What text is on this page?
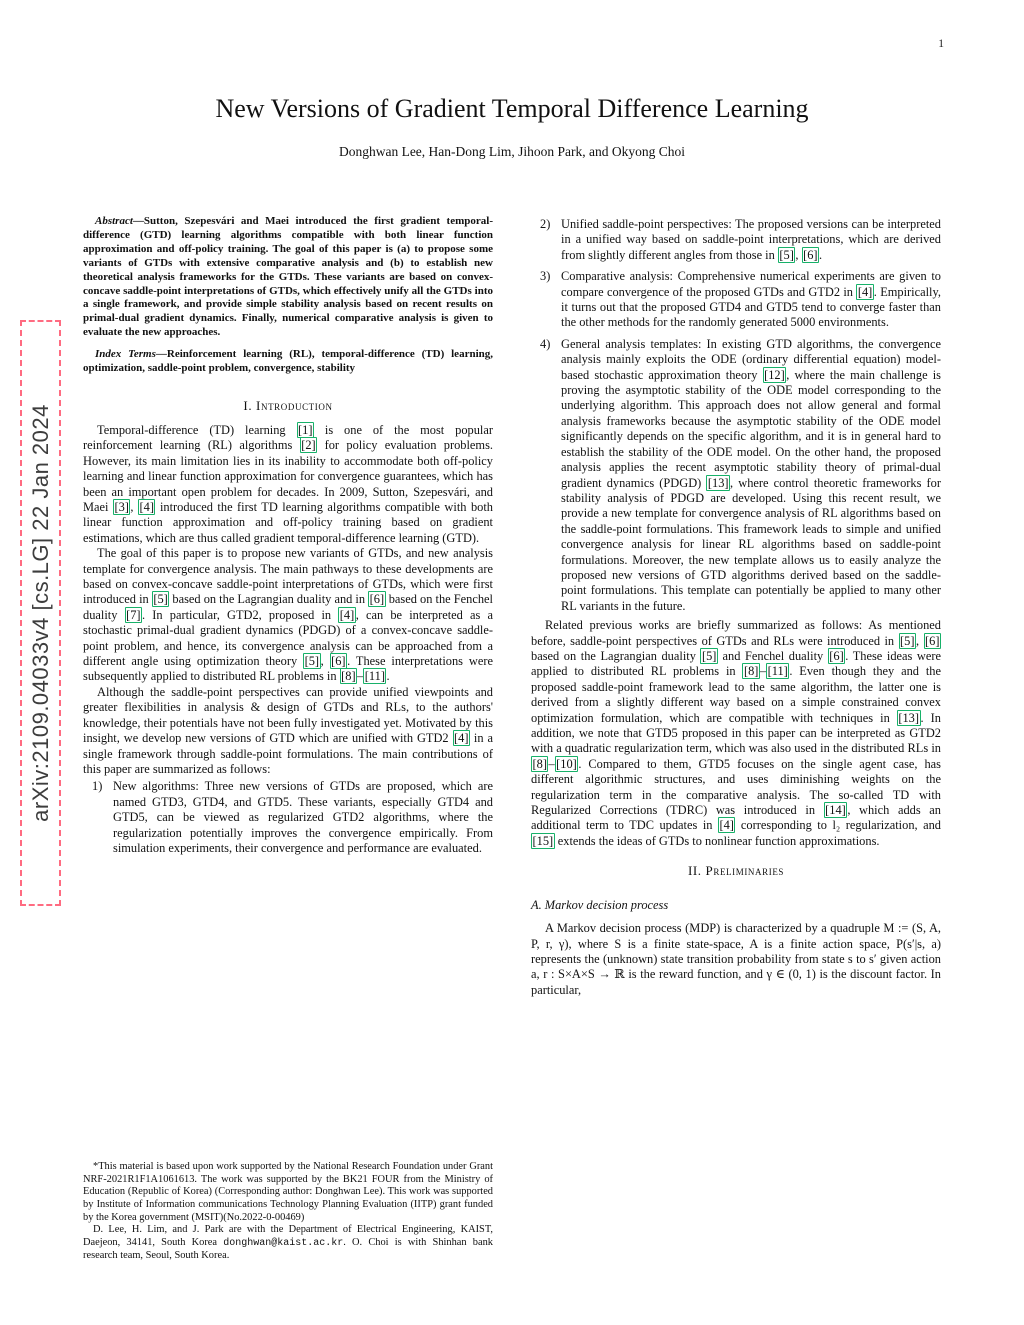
1
arXiv:2109.04033v4 [cs.LG] 22 Jan 2024
New Versions of Gradient Temporal Difference Learning
Donghwan Lee, Han-Dong Lim, Jihoon Park, and Okyong Choi

Abstract—Sutton, Szepesvári and Maei introduced the first gradient temporal-difference (GTD) learning algorithms compatible with both linear function approximation and off-policy training. The goal of this paper is (a) to propose some variants of GTDs with extensive comparative analysis and (b) to establish new theoretical analysis frameworks for the GTDs. These variants are based on convex-concave saddle-point interpretations of GTDs, which effectively unify all the GTDs into a single framework, and provide simple stability analysis based on recent results on primal-dual gradient dynamics. Finally, numerical comparative analysis is given to evaluate the new approaches.

Index Terms—Reinforcement learning (RL), temporal-difference (TD) learning, optimization, saddle-point problem, convergence, stability

I. Introduction

Temporal-difference (TD) learning [1] is one of the most popular reinforcement learning (RL) algorithms [2] for policy evaluation problems. However, its main limitation lies in its inability to accommodate both off-policy learning and linear function approximation for convergence guarantees, which has been an important open problem for decades. In 2009, Sutton, Szepesvári, and Maei [3] , [4] introduced the first TD learning algorithms compatible with both linear function approximation and off-policy training based on gradient estimations, which are thus called gradient temporal-difference learning (GTD).

The goal of this paper is to propose new variants of GTDs, and new analysis template for convergence analysis. The main pathways to these developments are based on convex-concave saddle-point interpretations of GTDs, which were first introduced in [5] based on the Lagrangian duality and in [6] based on the Fenchel duality [7] . In particular, GTD2, proposed in [4] , can be interpreted as a stochastic primal-dual gradient dynamics (PDGD) of a convex-concave saddle-point problem, and hence, its convergence analysis can be approached from a different angle using optimization theory [5] , [6] . These interpretations were subsequently applied to distributed RL problems in [8] – [11] .

Although the saddle-point perspectives can provide unified viewpoints and greater flexibilities in analysis & design of GTDs and RLs, to the authors' knowledge, their potentials have not been fully investigated yet. Motivated by this insight, we develop new versions of GTD which are unified with GTD2 [4] in a single framework through saddle-point formulations. The main contributions of this paper are summarized as follows:

1) New algorithms: Three new versions of GTDs are proposed, which are named GTD3, GTD4, and GTD5. These variants, especially GTD4 and GTD5, can be viewed as regularized GTD2 algorithms, where the regularization potentially improves the convergence empirically. From simulation experiments, their convergence and performance are evaluated.

*This material is based upon work supported by the National Research Foundation under Grant NRF-2021R1F1A1061613. The work was supported by the BK21 FOUR from the Ministry of Education (Republic of Korea) (Corresponding author: Donghwan Lee). This work was supported by Institute of Information communications Technology Planning Evaluation (IITP) grant funded by the Korea government (MSIT)(No.2022-0-00469)

D. Lee, H. Lim, and J. Park are with the Department of Electrical Engineering, KAIST, Daejeon, 34141, South Korea donghwan@kaist.ac.kr. O. Choi is with Shinhan bank research team, Seoul, South Korea.

2) Unified saddle-point perspectives: The proposed versions can be interpreted in a unified way based on saddle-point interpretations, which are derived from slightly different angles from those in [5] , [6] .
3) Comparative analysis: Comprehensive numerical experiments are given to compare convergence of the proposed GTDs and GTD2 in [4] . Empirically, it turns out that the proposed GTD4 and GTD5 tend to converge faster than the other methods for the randomly generated 5000 environments.
4) General analysis templates: In existing GTD algorithms, the convergence analysis mainly exploits the ODE (ordinary differential equation) model-based stochastic approximation theory [12] , where the main challenge is proving the asymptotic stability of the ODE model corresponding to the underlying algorithm. This approach does not allow general and formal analysis frameworks because the asymptotic stability of the ODE model significantly depends on the specific algorithm, and it is in general hard to establish the stability of the ODE model. On the other hand, the proposed analysis applies the recent asymptotic stability theory of primal-dual gradient dynamics (PDGD) [13] , where control theoretic frameworks for stability analysis of PDGD are developed. Using this recent result, we provide a new template for convergence analysis of RL algorithms based on the saddle-point formulations. This framework leads to simple and unified convergence analysis for linear RL algorithms based on saddle-point formulations. Moreover, the new template allows us to easily analyze the proposed new versions of GTD algorithms derived based on the saddle-point formulations. This template can potentially be applied to many other RL variants in the future.

Related previous works are briefly summarized as follows: As mentioned before, saddle-point perspectives of GTDs and RLs were introduced in [5] , [6] based on the Lagrangian duality [5] and Fenchel duality [6] . These ideas were applied to distributed RL problems in [8] – [11] . Even though they and the proposed saddle-point framework lead to the same algorithm, the latter one is derived from a slightly different way based on a simple constrained convex optimization formulation, which are compatible with techniques in [13] . In addition, we note that GTD5 proposed in this paper can be interpreted as GTD2 with a quadratic regularization term, which was also used in the distributed RLs in [8] – [10] . Compared to them, GTD5 focuses on the single agent case, has different algorithmic structures, and uses diminishing weights on the regularization term in the comparative analysis. The so-called TD with Regularized Corrections (TDRC) was introduced in [14] , which adds an additional term to TDC updates in [4] corresponding to l₂ regularization, and [15] extends the ideas of GTDs to nonlinear function approximations.

II. Preliminaries
A. Markov decision process

A Markov decision process (MDP) is characterized by a quadruple M := (S, A, P, r, γ), where S is a finite state-space, A is a finite action space, P(s′|s, a) represents the (unknown) state transition probability from state s to s′ given action a, r : S×A×S → ℝ is the reward function, and γ ∈ (0, 1) is the discount factor. In particular,
